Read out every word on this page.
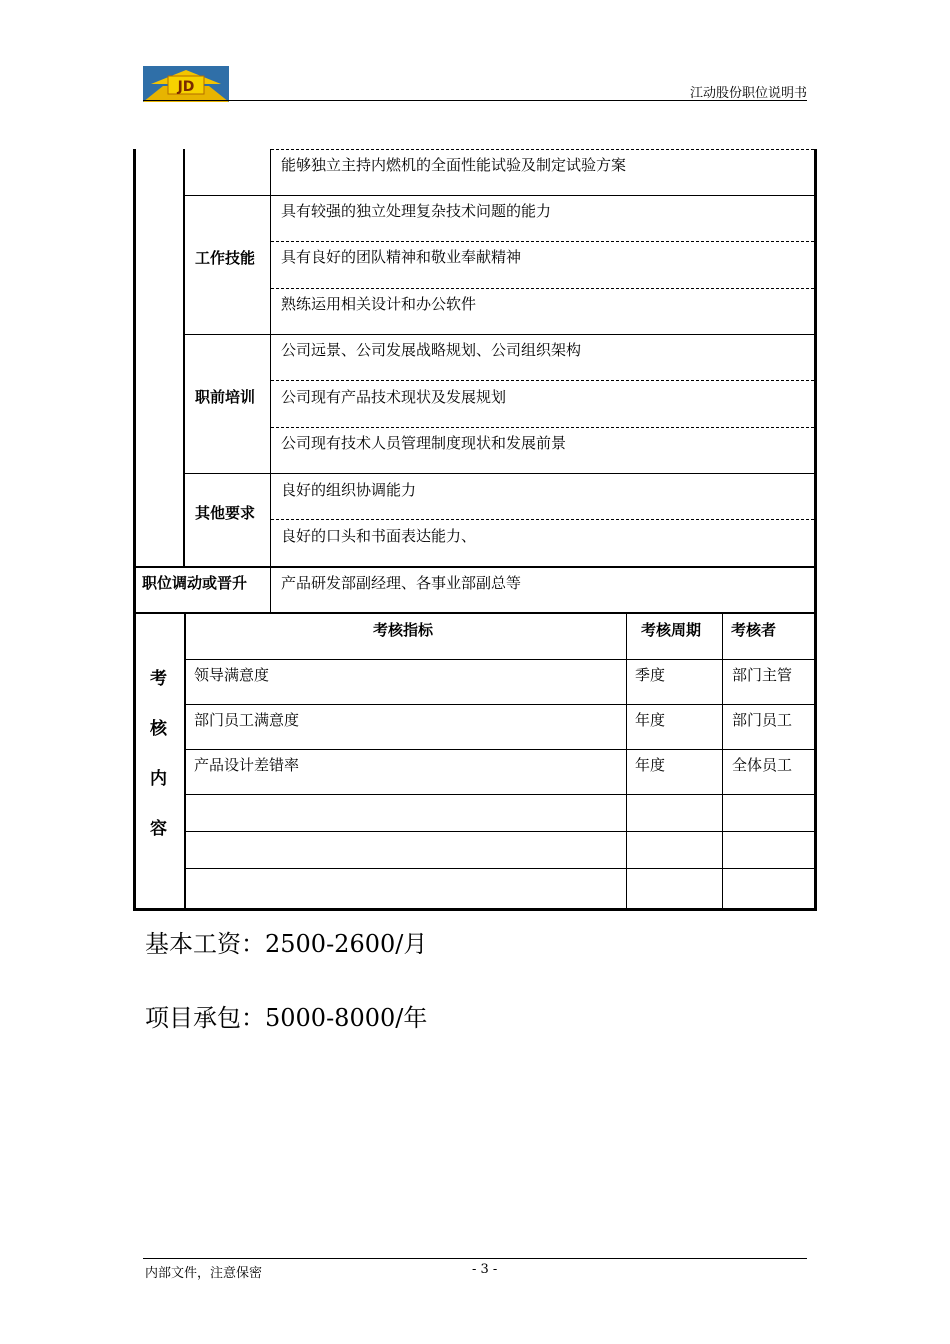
JD	江动股份职位说明书
能够独立主持内燃机的全面性能试验及制定试验方案
工作技能
具有较强的独立处理复杂技术问题的能力
具有良好的团队精神和敬业奉献精神
熟练运用相关设计和办公软件
职前培训
公司远景、公司发展战略规划、公司组织架构
公司现有产品技术现状及发展规划
公司现有技术人员管理制度现状和发展前景
其他要求
良好的组织协调能力
良好的口头和书面表达能力、
职位调动或晋升 产品研发部副经理、各事业部副总等
考
核
内
容
考核指标	考核周期 考核者
领导满意度	季度	部门主管
部门员工满意度	年度	部门员工
产品设计差错率	年度	全体员工
基本工资：2500-2600/月
项目承包：5000-8000/年
内部文件，注意保密	- 3 -
